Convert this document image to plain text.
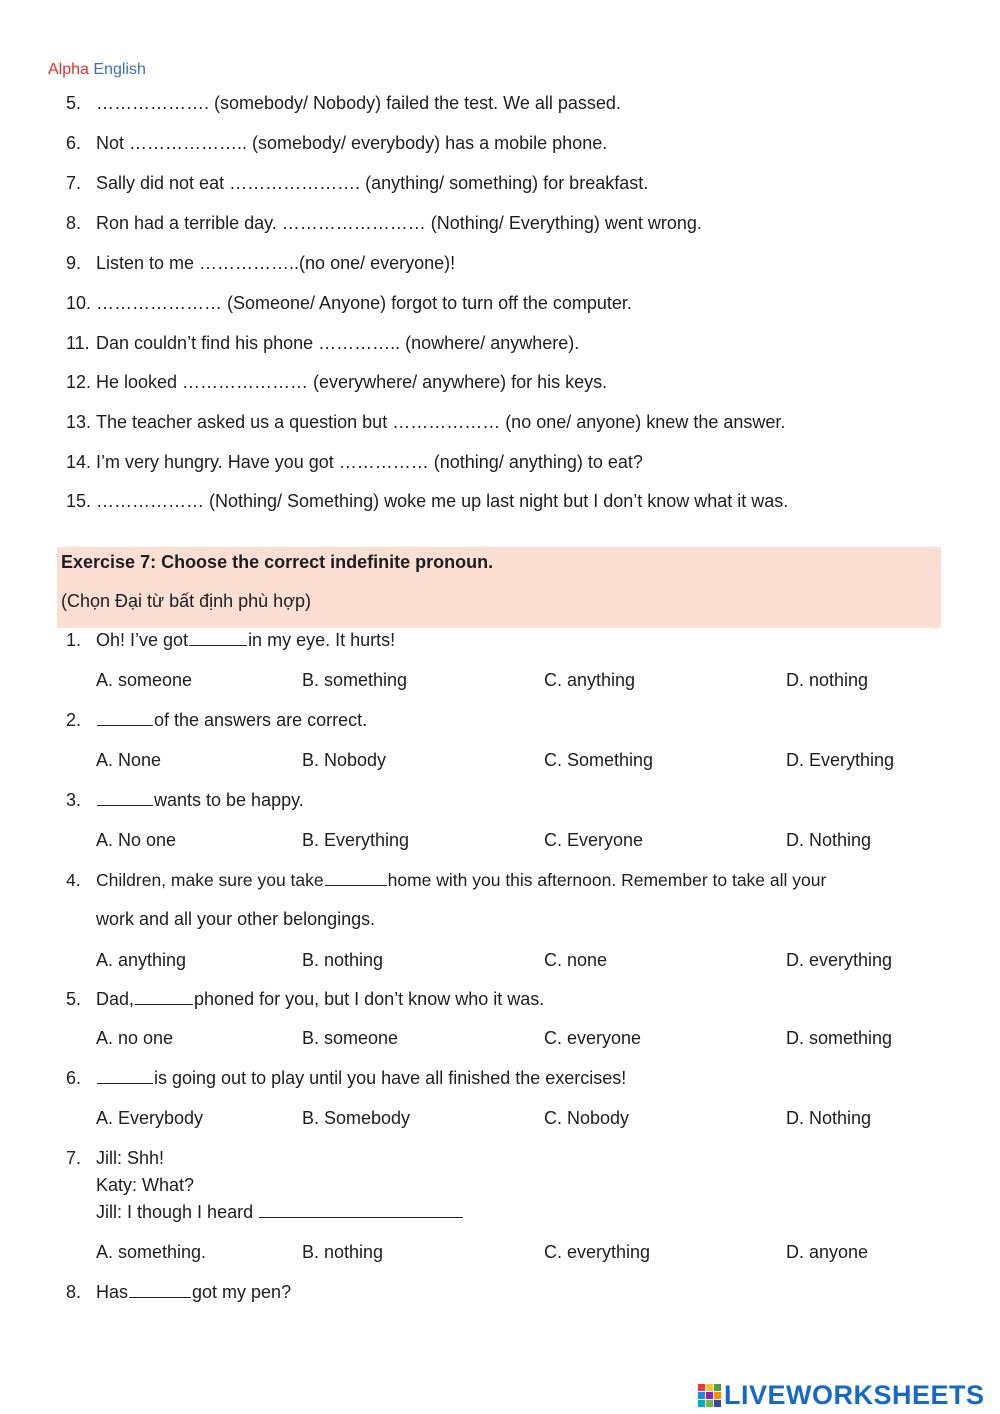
Alpha English
5. ………………. (somebody/ Nobody) failed the test. We all passed.
6. Not ……………….. (somebody/ everybody) has a mobile phone.
7. Sally did not eat …………………. (anything/ something) for breakfast.
8. Ron had a terrible day. …………………… (Nothing/ Everything) went wrong.
9. Listen to me ……………..(no one/ everyone)!
10. ………………… (Someone/ Anyone) forgot to turn off the computer.
11. Dan couldn’t find his phone ………….. (nowhere/ anywhere).
12. He looked ………………… (everywhere/ anywhere) for his keys.
13. The teacher asked us a question but ……………… (no one/ anyone) knew the answer.
14. I’m very hungry. Have you got …………… (nothing/ anything) to eat?
15. ……………… (Nothing/ Something) woke me up last night but I don’t know what it was.
Exercise 7: Choose the correct indefinite pronoun.
(Chọn Đại từ bất định phù hợp)
1. Oh! I’ve got	in my eye. It hurts!
A. someone	B. something	C. anything	D. nothing
2.	of the answers are correct.
A. None	B. Nobody	C. Something	D. Everything
3.	wants to be happy.
A. No one	B. Everything	C. Everyone	D. Nothing
4. Children, make sure you take	home with you this afternoon. Remember to take all your
work and all your other belongings.
A. anything	B. nothing	C. none	D. everything
5. Dad,	phoned for you, but I don’t know who it was.
A. no one	B. someone	C. everyone	D. something
6.	is going out to play until you have all finished the exercises!
A. Everybody	B. Somebody	C. Nobody	D. Nothing
7. Jill: Shh!
Katy: What?
Jill: I though I heard
A. something.	B. nothing	C. everything	D. anyone
8. Has	got my pen?
LIVEWORKSHEETS
